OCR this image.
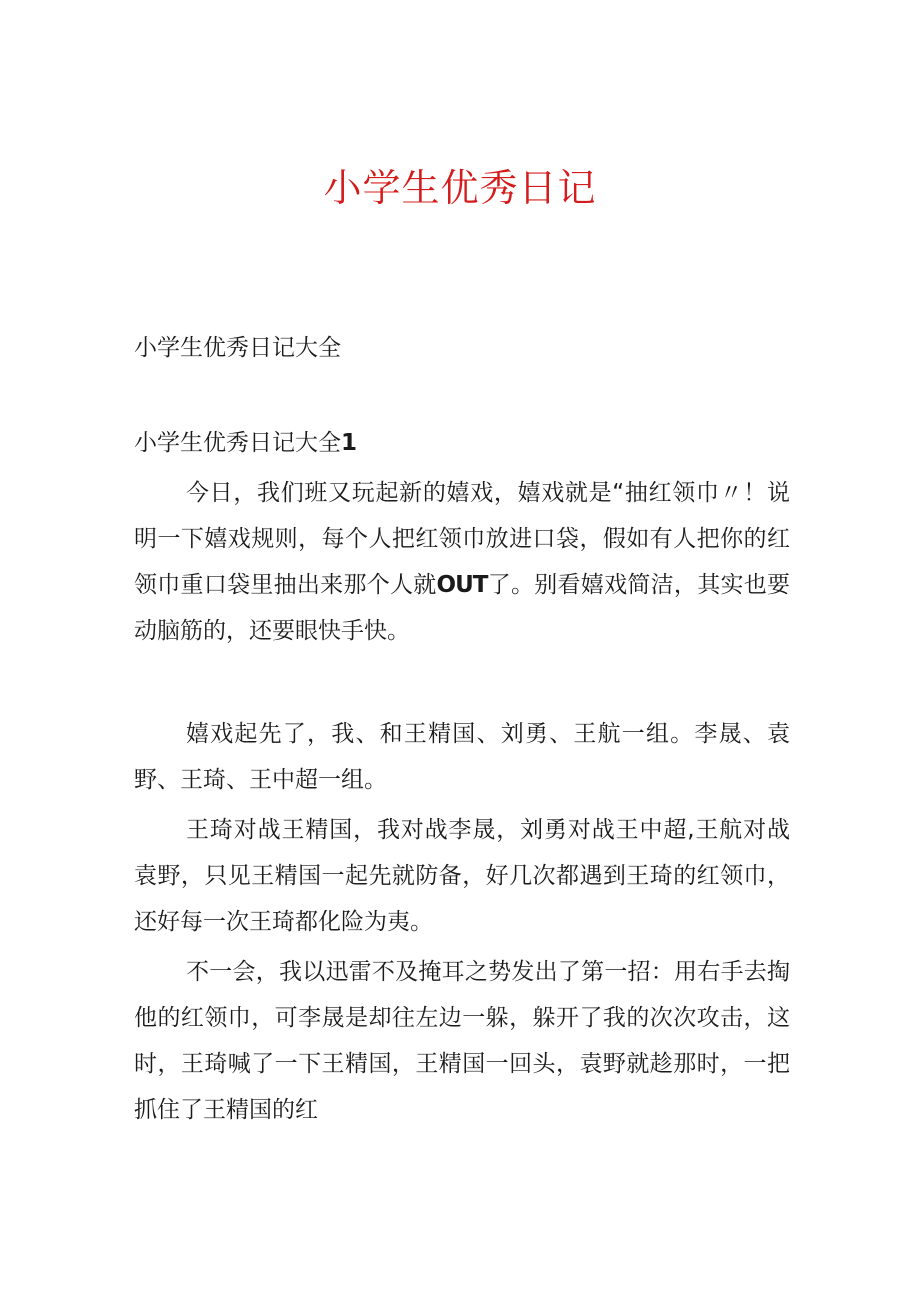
小学生优秀日记
小学生优秀日记大全
小学生优秀日记大全1

今日，我们班又玩起新的嬉戏，嬉戏就是“抽红领巾〃！说明一下嬉戏规则，每个人把红领巾放进口袋，假如有人把你的红领巾重口袋里抽出来那个人就OUT了。别看嬉戏简洁，其实也要动脑筋的，还要眼快手快。

嬉戏起先了，我、和王精国、刘勇、王航一组。李晟、袁野、王琦、王中超一组。

王琦对战王精国，我对战李晟，刘勇对战王中超,王航对战袁野，只见王精国一起先就防备，好几次都遇到王琦的红领巾，还好每一次王琦都化险为夷。

不一会，我以迅雷不及掩耳之势发出了第一招：用右手去掏他的红领巾，可李晟是却往左边一躲，躲开了我的次次攻击，这时，王琦喊了一下王精国，王精国一回头，袁野就趁那时，一把抓住了王精国的红
